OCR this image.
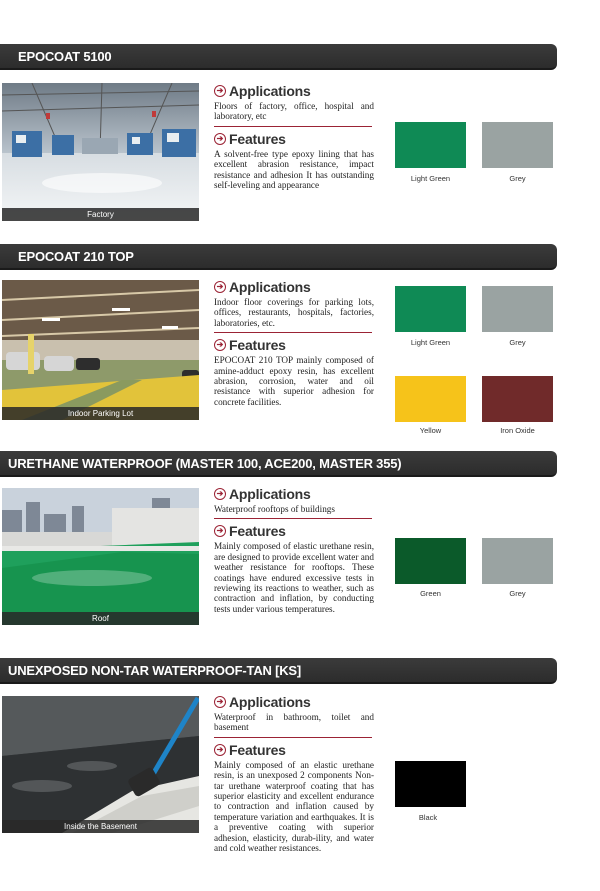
EPOCOAT 5100
Factory
➔ Applications
Floors of factory, office, hospital and laboratory, etc
➔ Features
A solvent-free type epoxy lining that has excellent abrasion resistance, impact resistance and adhesion It has outstanding self-leveling and appearance
Light Green	Grey
EPOCOAT 210 TOP
Indoor Parking Lot
➔ Applications
Indoor floor coverings for parking lots, offices, restaurants, hospitals, factories, laboratories, etc.
➔ Features
EPOCOAT 210 TOP mainly composed of amine-adduct epoxy resin, has excellent abrasion, corrosion, water and oil resistance with superior adhesion for concrete facilities.
Light Green	Grey
Yellow	Iron Oxide
URETHANE WATERPROOF (MASTER 100, ACE200, MASTER 355)
Roof
➔ Applications
Waterproof rooftops of buildings
➔ Features
Mainly composed of elastic urethane resin, are designed to provide excellent water and weather resistance for rooftops. These coatings have endured excessive tests in reviewing its reactions to weather, such as contraction and inflation, by conducting tests under various temperatures.
Green	Grey
UNEXPOSED NON-TAR WATERPROOF-TAN [KS]
Inside the Basement
➔ Applications
Waterproof in bathroom, toilet and basement
➔ Features
Mainly composed of an elastic urethane resin, is an unexposed 2 components Non-tar urethane waterproof coating that has superior elasticity and excellent endurance to contraction and inflation caused by temperature variation and earthquakes. It is a preventive coating with superior adhesion, elasticity, durab-ility, and water and cold weather resistances.
Black
